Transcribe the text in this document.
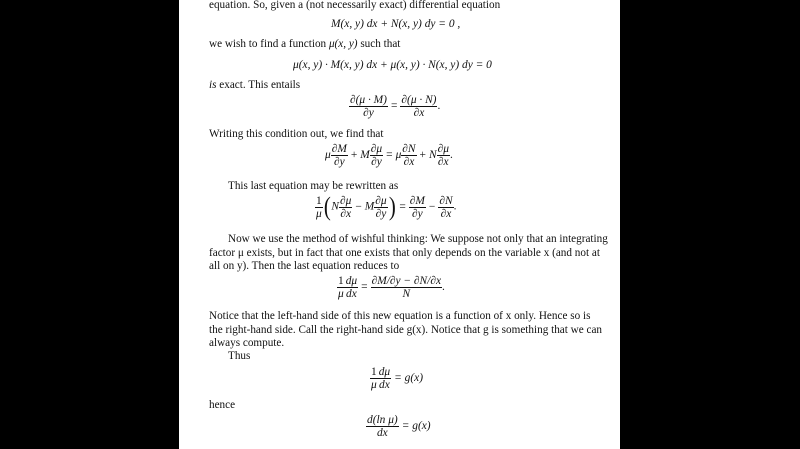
equation. So, given a (not necessarily exact) differential equation
M(x, y) dx + N(x, y) dy = 0 ,
we wish to find a function μ(x, y) such that
μ(x, y) · M(x, y) dx + μ(x, y) · N(x, y) dy = 0
is exact. This entails
$\frac{\partial(\mu \cdot M)}{\partial y} = \frac{\partial(\mu \cdot N)}{\partial x}$ .
Writing this condition out, we find that
μ $\frac{\partial M}{\partial y} + M \frac{\partial\mu}{\partial y} = \mu \frac{\partial N}{\partial x} + N \frac{\partial\mu}{\partial x}$ .
This last equation may be rewritten as
$\frac{1}{\mu} (N \frac{\partial\mu}{\partial x} - M \frac{\partial\mu}{\partial y}$ ) = $\frac{\partial M}{\partial y} - \frac{\partial N}{\partial x}$ .
Now we use the method of wishful thinking: We suppose not only that an integrating
factor μ exists, but in fact that one exists that only depends on the variable x (and not at
all on y). Then the last equation reduces to
$\frac{1}{\mu} \frac{d\mu}{dx} = \frac{\partial M/\partial y - \partial N/\partial x}{N}$ .
Notice that the left-hand side of this new equation is a function of x only. Hence so is
the right-hand side. Call the right-hand side g(x). Notice that g is something that we can
always compute.
Thus
$\frac{1}{\mu} \frac{d\mu}{dx} = g(x)$
hence
$\frac{\text{d(ln μ)}}{dx} = g(x)$
